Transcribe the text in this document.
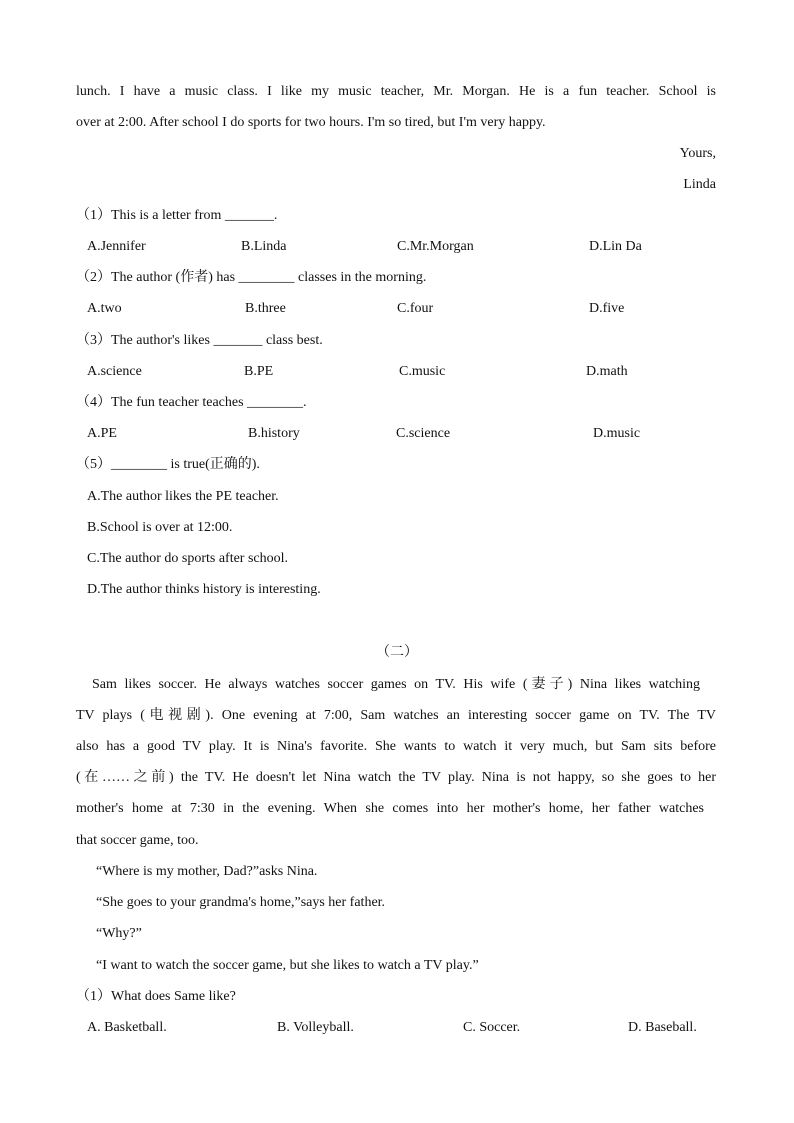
lunch. I have a music class. I like my music teacher, Mr. Morgan. He is a fun teacher. School is
over at 2:00. After school I do sports for two hours. I'm so tired, but I'm very happy.
Yours,
Linda
（1）This is a letter from _______.
A.Jennifer	B.Linda	C.Mr.Morgan	D.Lin Da
（2）The author (作者) has ________ classes in the morning.
A.two	B.three	C.four	D.five
（3）The author's likes _______ class best.
A.science	B.PE	C.music	D.math
（4）The fun teacher teaches ________.
A.PE	B.history	C.science	D.music
（5）________ is true(正确的).
A.The author likes the PE teacher.
B.School is over at 12:00.
C.The author do sports after school.
D.The author thinks history is interesting.
（二）
Sam likes soccer. He always watches soccer games on TV. His wife (妻子) Nina likes watching
TV plays (电视剧). One evening at 7:00, Sam watches an interesting soccer game on TV. The TV
also has a good TV play. It is Nina's favorite. She wants to watch it very much, but Sam sits before
(在……之前) the TV. He doesn't let Nina watch the TV play. Nina is not happy, so she goes to her
mother's home at 7:30 in the evening. When she comes into her mother's home, her father watches
that soccer game, too.
“Where is my mother, Dad?”asks Nina.
“She goes to your grandma's home,”says her father.
“Why?”
“I want to watch the soccer game, but she likes to watch a TV play.”
（1）What does Same like?
A. Basketball.	B. Volleyball.	C. Soccer.	D. Baseball.
